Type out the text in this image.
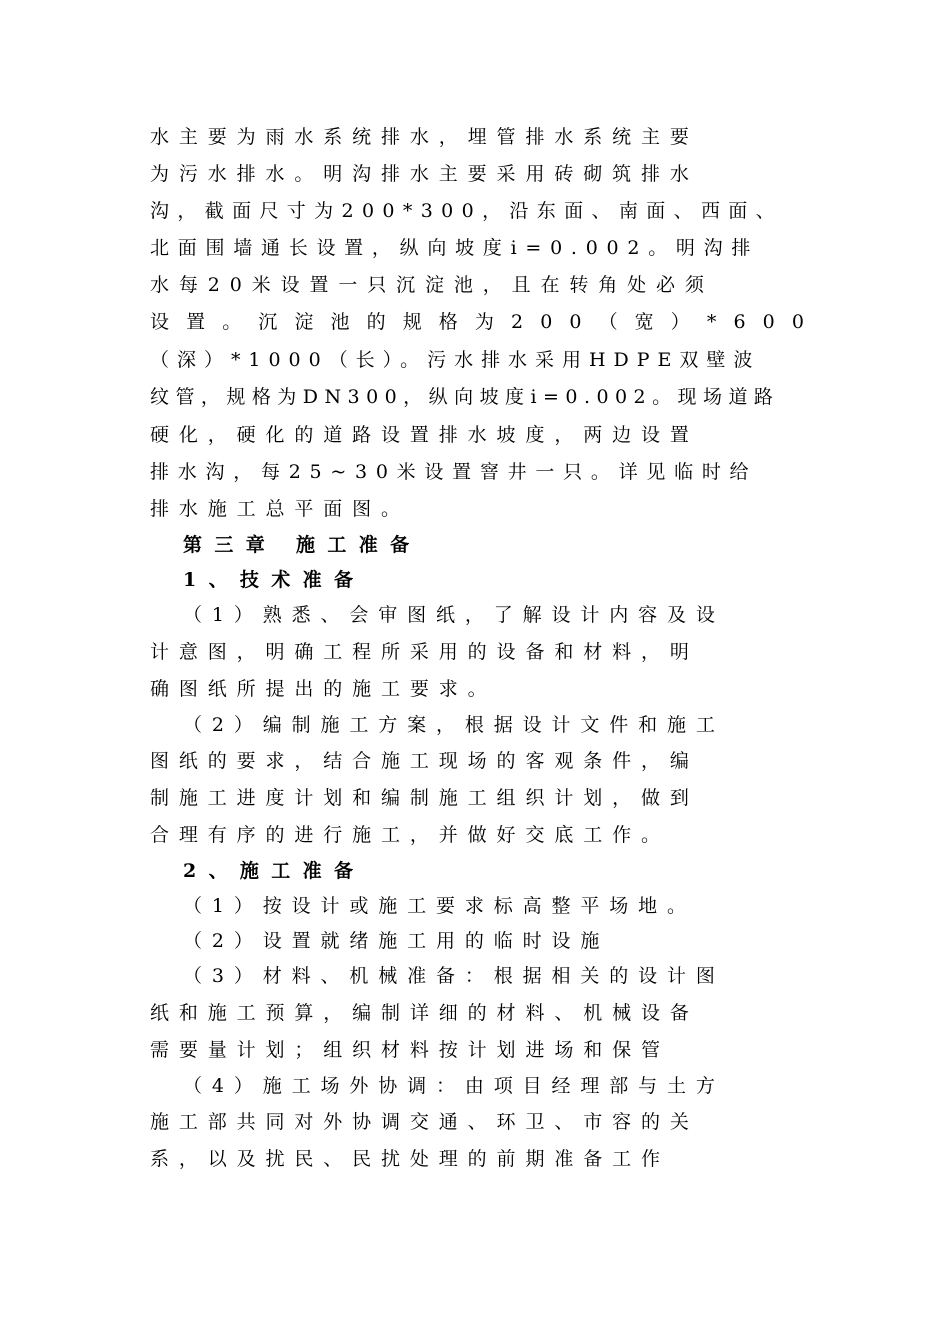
水主要为雨水系统排水，埋管排水系统主要
为污水排水。明沟排水主要采用砖砌筑排水
沟，截面尺寸为200*300，沿东面、南面、西面、
北面围墙通长设置，纵向坡度i=0.002。明沟排
水每20米设置一只沉淀池，且在转角处必须
设置。沉淀池的规格为200（宽）*600
（深）*1000（长）。污水排水采用HDPE双壁波
纹管，规格为DN300，纵向坡度i=0.002。现场道路
硬化，硬化的道路设置排水坡度，两边设置
排水沟，每25~30米设置窨井一只。详见临时给
排水施工总平面图。
第三章 施工准备
1、技术准备
（1）熟悉、会审图纸，了解设计内容及设
计意图，明确工程所采用的设备和材料，明
确图纸所提出的施工要求。
（2）编制施工方案，根据设计文件和施工
图纸的要求，结合施工现场的客观条件，编
制施工进度计划和编制施工组织计划，做到
合理有序的进行施工，并做好交底工作。
2、施工准备
（1）按设计或施工要求标高整平场地。
（2）设置就绪施工用的临时设施
（3）材料、机械准备：根据相关的设计图
纸和施工预算，编制详细的材料、机械设备
需要量计划；组织材料按计划进场和保管
（4）施工场外协调：由项目经理部与土方
施工部共同对外协调交通、环卫、市容的关
系，以及扰民、民扰处理的前期准备工作
